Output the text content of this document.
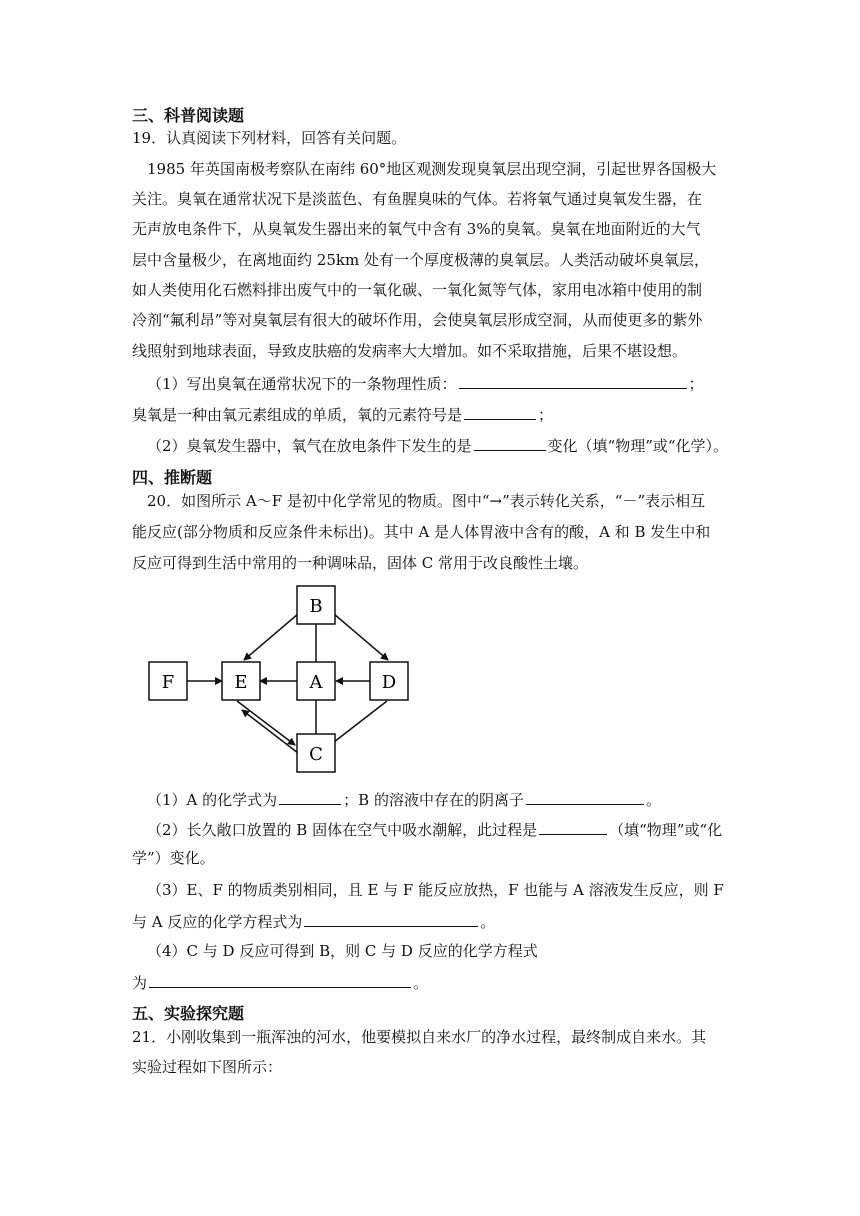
三、科普阅读题
19．认真阅读下列材料，回答有关问题。
1985 年英国南极考察队在南纬 60°地区观测发现臭氧层出现空洞，引起世界各国极大
关注。臭氧在通常状况下是淡蓝色、有鱼腥臭味的气体。若将氧气通过臭氧发生器，在
无声放电条件下，从臭氧发生器出来的氧气中含有 3%的臭氧。臭氧在地面附近的大气
层中含量极少，在离地面约 25km 处有一个厚度极薄的臭氧层。人类活动破坏臭氧层，
如人类使用化石燃料排出废气中的一氧化碳、一氧化氮等气体，家用电冰箱中使用的制
冷剂“氟利昂”等对臭氧层有很大的破坏作用，会使臭氧层形成空洞，从而使更多的紫外
线照射到地球表面，导致皮肤癌的发病率大大增加。如不采取措施，后果不堪设想。
（1）写出臭氧在通常状况下的一条物理性质：	；
臭氧是一种由氧元素组成的单质，氧的元素符号是	；
（2）臭氧发生器中，氧气在放电条件下发生的是	变化（填“物理”或“化学）。
四、推断题
20．如图所示 A～F 是初中化学常见的物质。图中“→”表示转化关系，“－”表示相互
能反应(部分物质和反应条件未标出)。其中 A 是人体胃液中含有的酸，A 和 B 发生中和
反应可得到生活中常用的一种调味品，固体 C 常用于改良酸性土壤。
B
F	E	A	D
C
（1）A 的化学式为	；B 的溶液中存在的阴离子	。
（2）长久敞口放置的 B 固体在空气中吸水潮解，此过程是	（填“物理”或“化
学”）变化。
（3）E、F 的物质类别相同，且 E 与 F 能反应放热，F 也能与 A 溶液发生反应，则 F
与 A 反应的化学方程式为	。
（4）C 与 D 反应可得到 B，则 C 与 D 反应的化学方程式
为	。
五、实验探究题
21．小刚收集到一瓶浑浊的河水，他要模拟自来水厂的净水过程，最终制成自来水。其
实验过程如下图所示：
